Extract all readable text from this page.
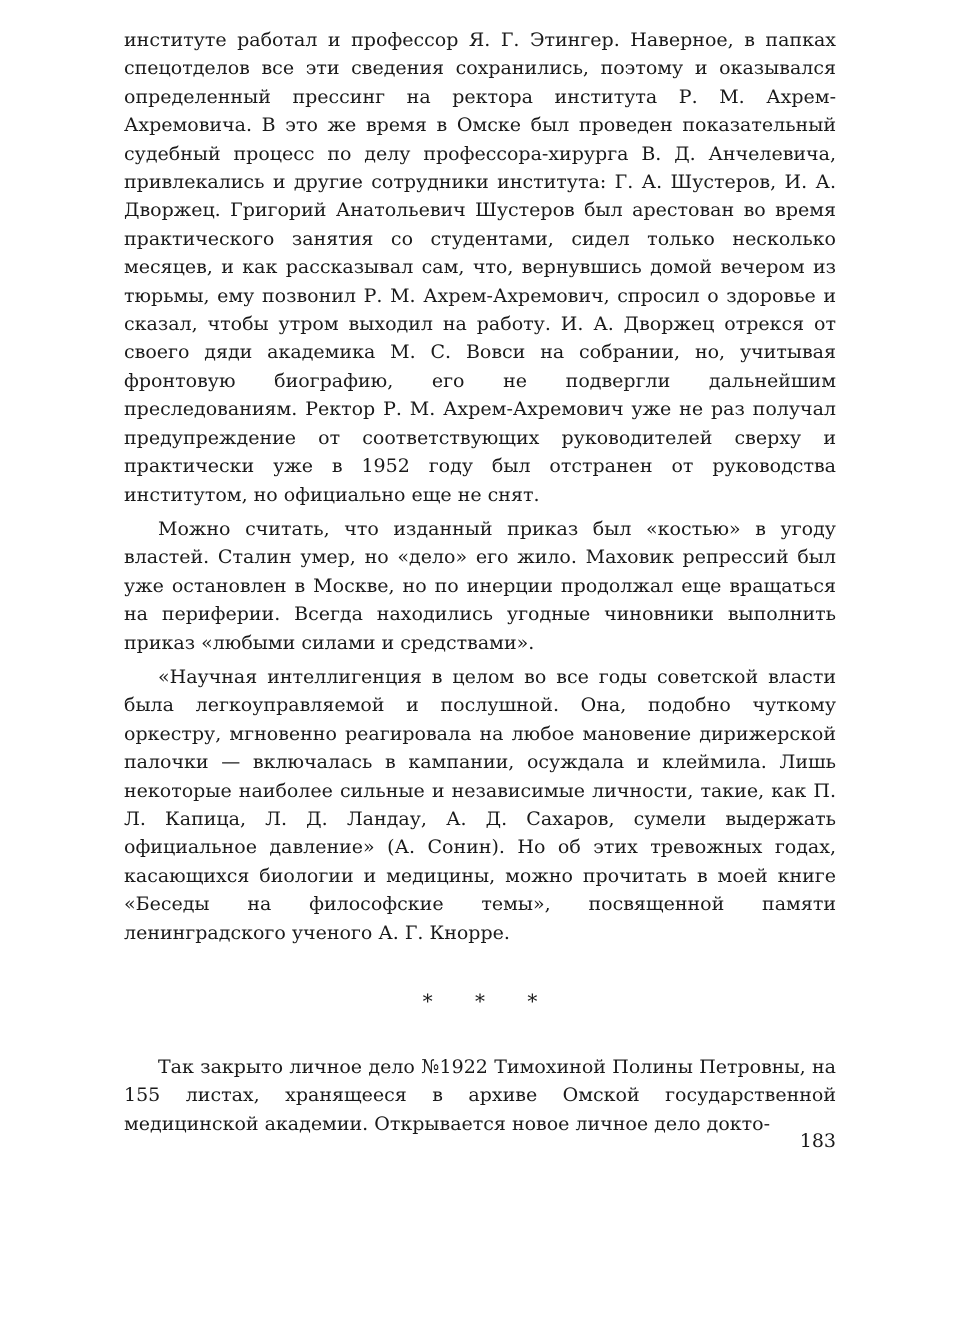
институте работал и профессор Я. Г. Этингер. Наверное, в папках спецотделов все эти сведения сохранились, поэтому и оказывался определенный прессинг на ректора института Р. М. Ахрем-Ахремовича. В это же время в Омске был проведен показательный судебный процесс по делу профессора-хирурга В. Д. Анчелевича, привлекались и другие сотрудники института: Г. А. Шустеров, И. А. Дворжец. Григорий Анатольевич Шустеров был арестован во время практического занятия со студентами, сидел только несколько месяцев, и как рассказывал сам, что, вернувшись домой вечером из тюрьмы, ему позвонил Р. М. Ахрем-Ахремович, спросил о здоровье и сказал, чтобы утром выходил на работу. И. А. Дворжец отрекся от своего дяди академика М. С. Вовси на собрании, но, учитывая фронтовую биографию, его не подвергли дальнейшим преследованиям. Ректор Р. М. Ахрем-Ахремович уже не раз получал предупреждение от соответствующих руководителей сверху и практически уже в 1952 году был отстранен от руководства институтом, но официально еще не снят.

Можно считать, что изданный приказ был «костью» в угоду властей. Сталин умер, но «дело» его жило. Маховик репрессий был уже остановлен в Москве, но по инерции продолжал еще вращаться на периферии. Всегда находились угодные чиновники выполнить приказ «любыми силами и средствами».

«Научная интеллигенция в целом во все годы советской власти была легкоуправляемой и послушной. Она, подобно чуткому оркестру, мгновенно реагировала на любое мановение дирижерской палочки — включалась в кампании, осуждала и клеймила. Лишь некоторые наиболее сильные и независимые личности, такие, как П. Л. Капица, Л. Д. Ландау, А. Д. Сахаров, сумели выдержать официальное давление» (А. Сонин). Но об этих тревожных годах, касающихся биологии и медицины, можно прочитать в моей книге «Беседы на философские темы», посвященной памяти ленинградского ученого А. Г. Кнорре.

* * *

Так закрыто личное дело №1922 Тимохиной Полины Петровны, на 155 листах, хранящееся в архиве Омской государственной медицинской академии. Открывается новое личное дело докто-

183
